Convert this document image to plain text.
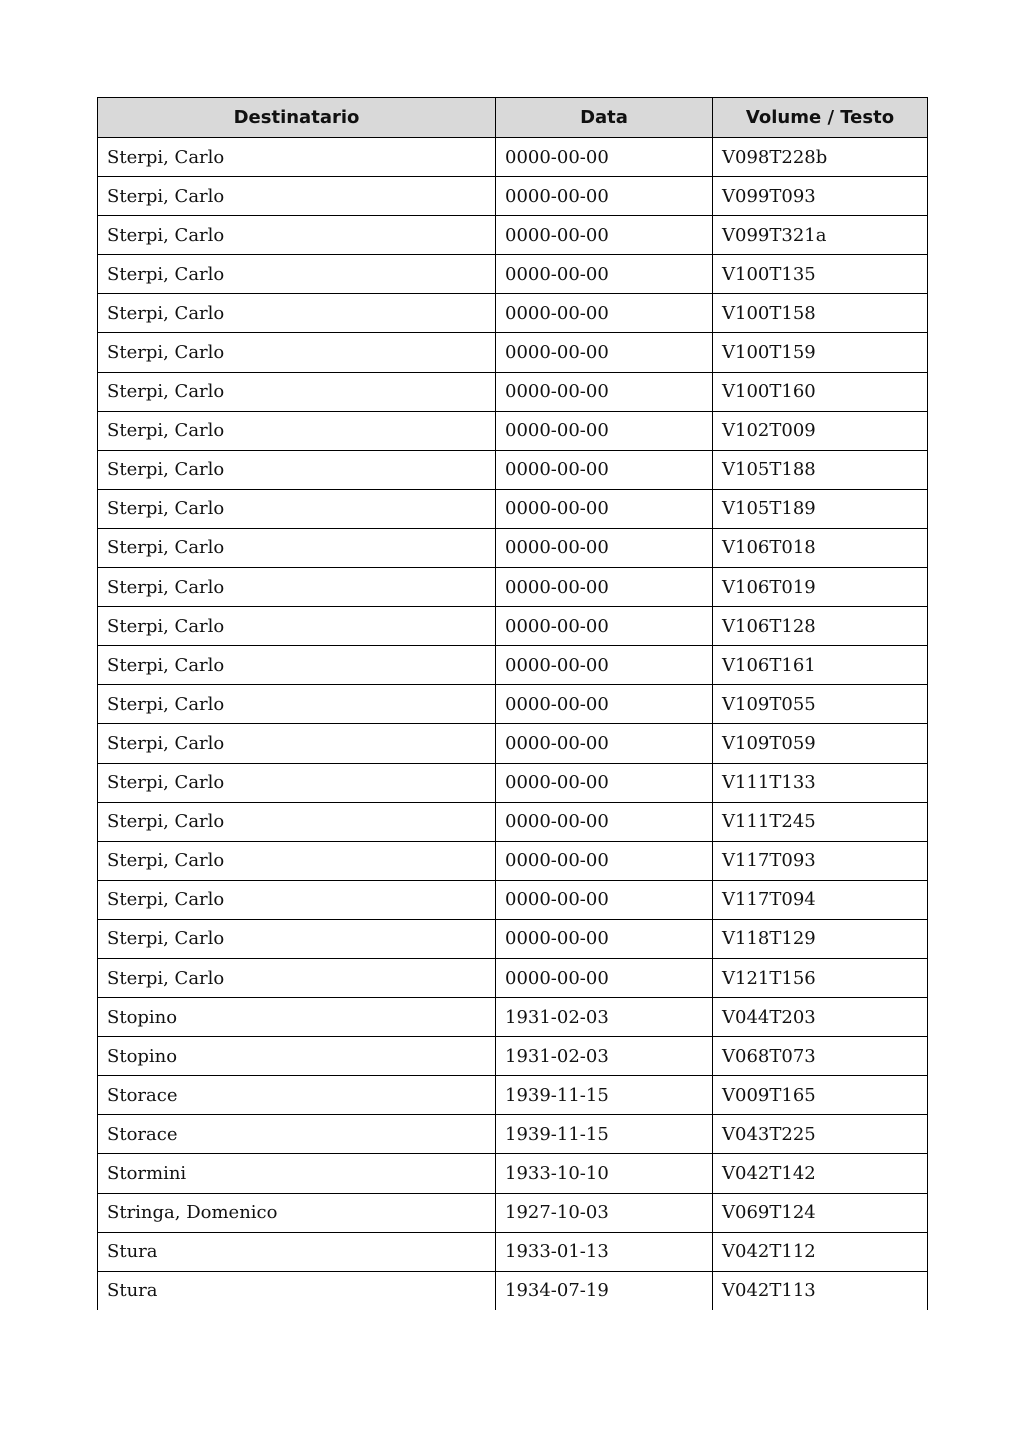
Destinatario	Data	Volume / Testo
Sterpi, Carlo	0000-00-00	V098T228b
Sterpi, Carlo	0000-00-00	V099T093
Sterpi, Carlo	0000-00-00	V099T321a
Sterpi, Carlo	0000-00-00	V100T135
Sterpi, Carlo	0000-00-00	V100T158
Sterpi, Carlo	0000-00-00	V100T159
Sterpi, Carlo	0000-00-00	V100T160
Sterpi, Carlo	0000-00-00	V102T009
Sterpi, Carlo	0000-00-00	V105T188
Sterpi, Carlo	0000-00-00	V105T189
Sterpi, Carlo	0000-00-00	V106T018
Sterpi, Carlo	0000-00-00	V106T019
Sterpi, Carlo	0000-00-00	V106T128
Sterpi, Carlo	0000-00-00	V106T161
Sterpi, Carlo	0000-00-00	V109T055
Sterpi, Carlo	0000-00-00	V109T059
Sterpi, Carlo	0000-00-00	V111T133
Sterpi, Carlo	0000-00-00	V111T245
Sterpi, Carlo	0000-00-00	V117T093
Sterpi, Carlo	0000-00-00	V117T094
Sterpi, Carlo	0000-00-00	V118T129
Sterpi, Carlo	0000-00-00	V121T156
Stopino	1931-02-03	V044T203
Stopino	1931-02-03	V068T073
Storace	1939-11-15	V009T165
Storace	1939-11-15	V043T225
Stormini	1933-10-10	V042T142
Stringa, Domenico	1927-10-03	V069T124
Stura	1933-01-13	V042T112
Stura	1934-07-19	V042T113
